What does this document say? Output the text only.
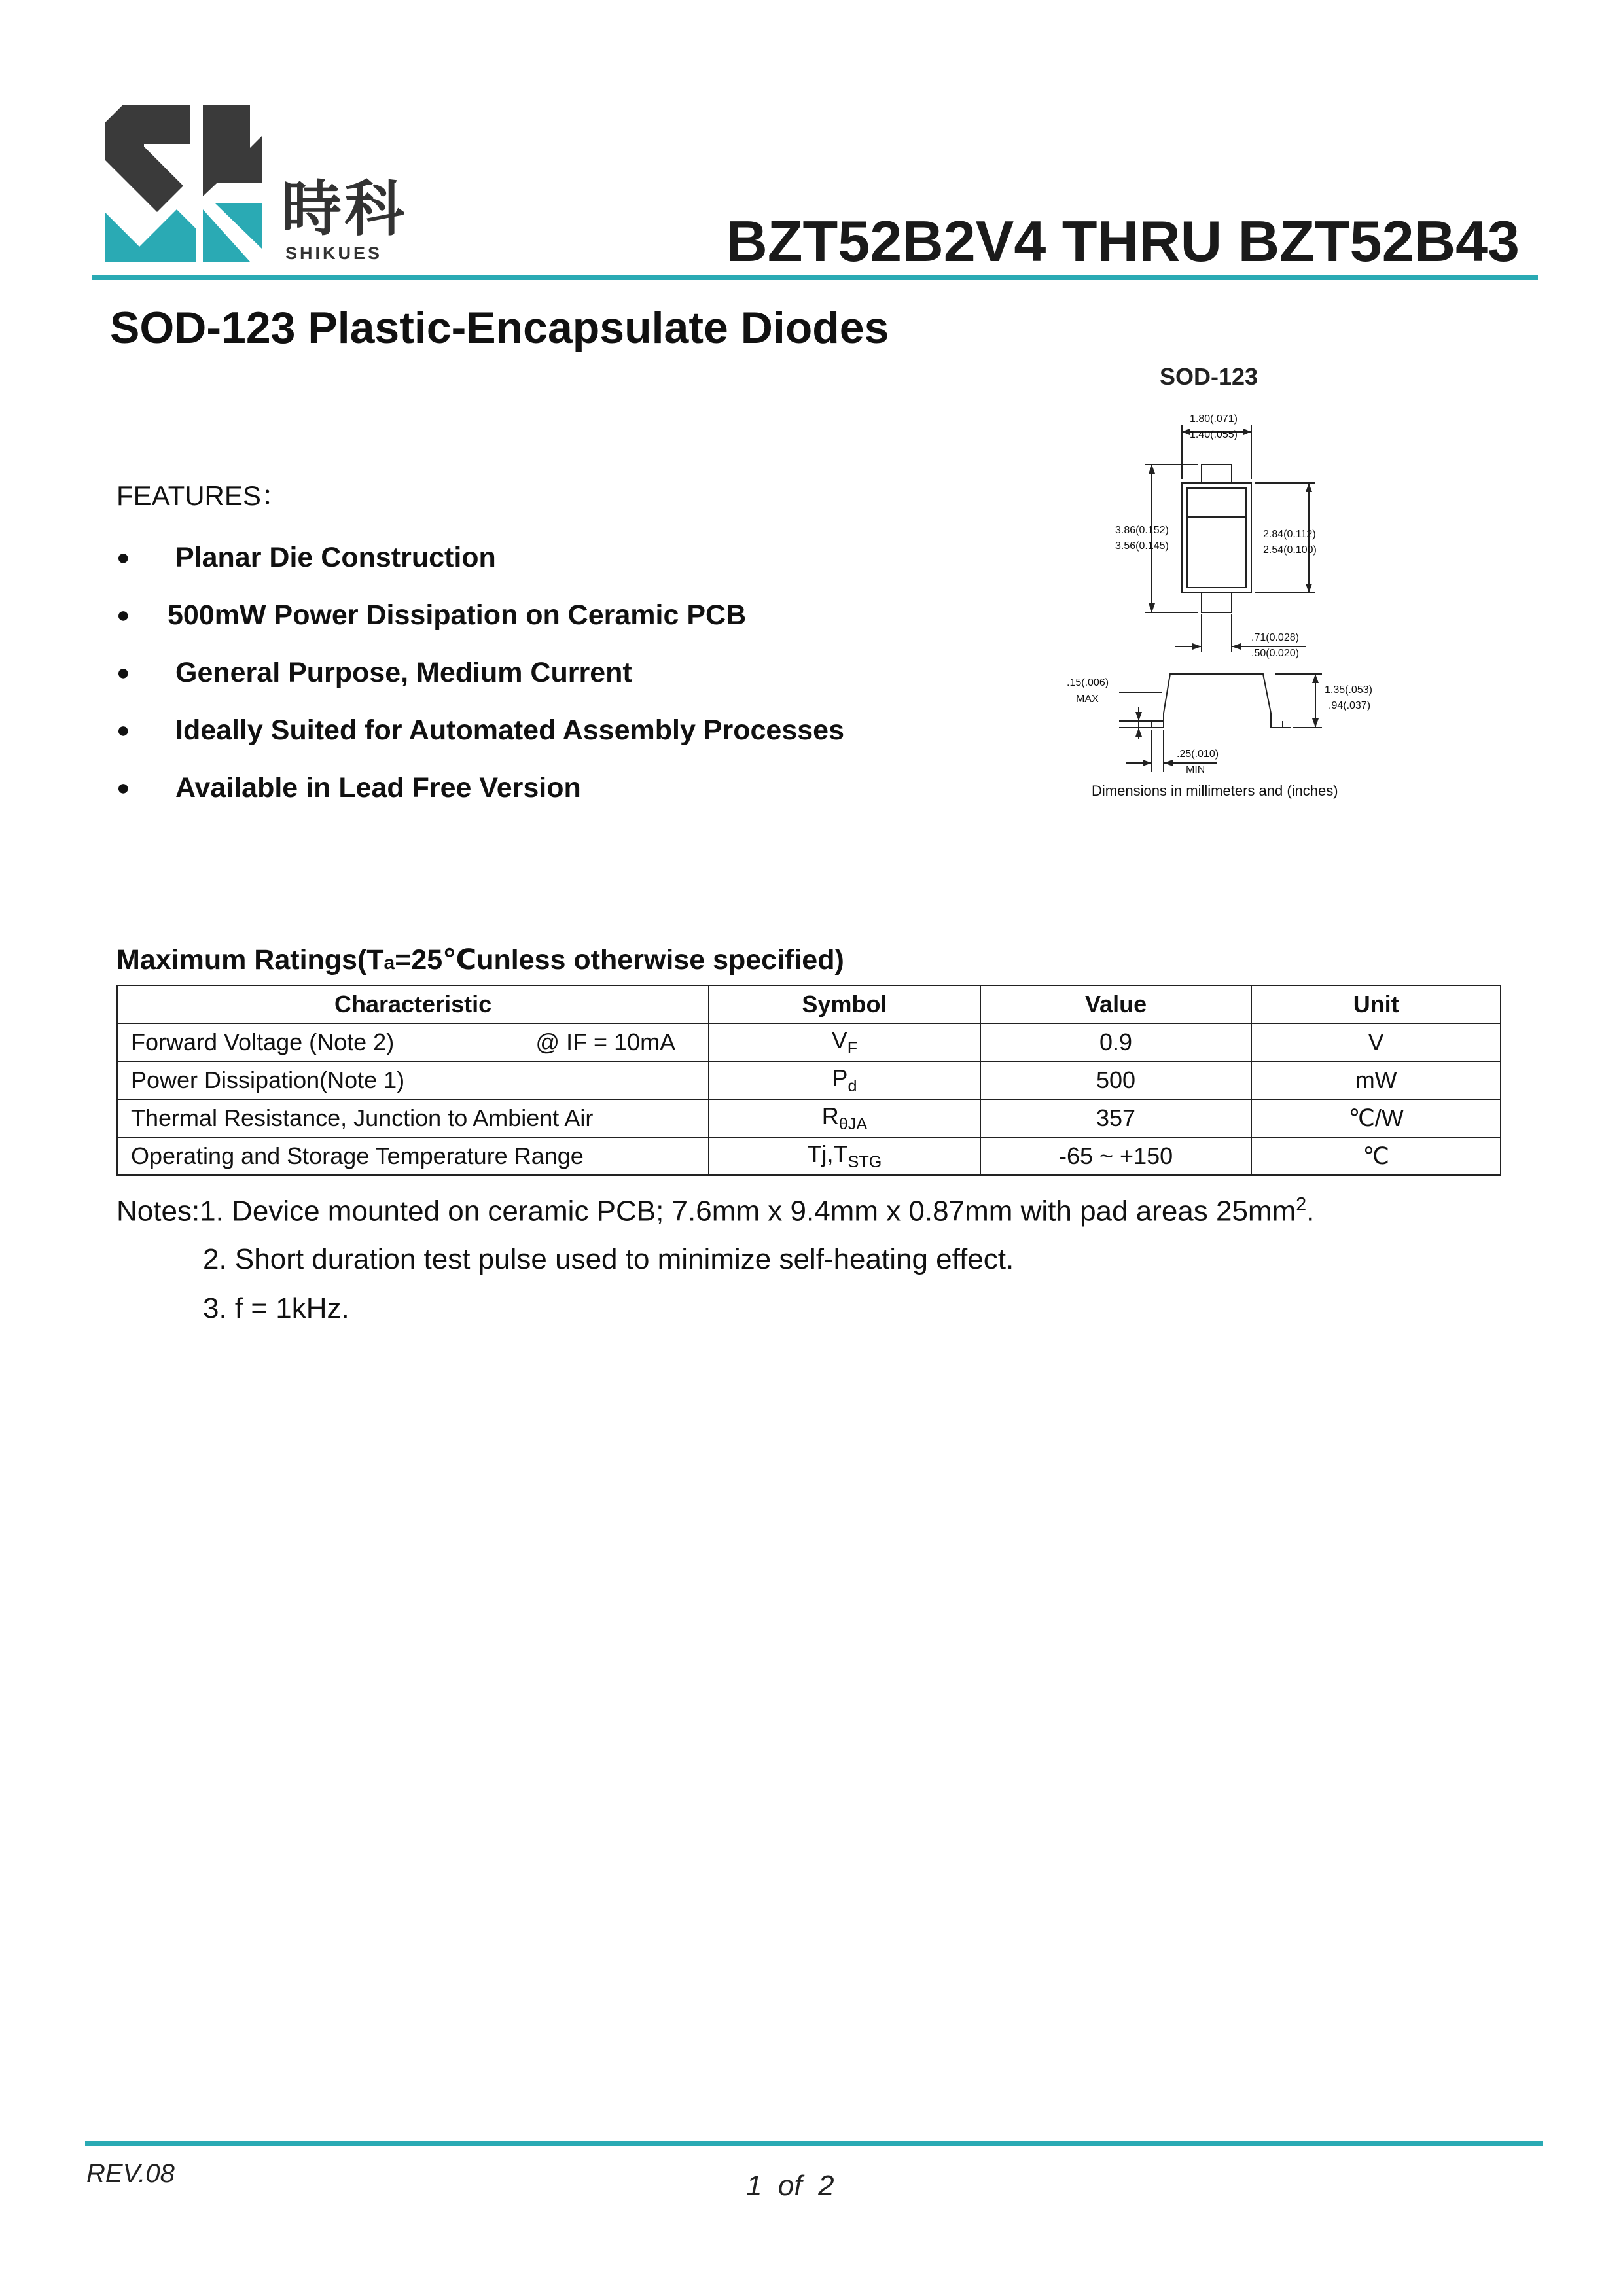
時科
SHIKUES	BZT52B2V4 THRU BZT52B43
SOD-123 Plastic-Encapsulate Diodes
FEATURES：
●	Planar Die Construction
●	500mW Power Dissipation on Ceramic PCB
●	General Purpose, Medium Current
●	Ideally Suited for Automated Assembly Processes
●	Available in Lead Free Version
SOD-123
1.80(.071)
1.40(.055)
3.86(0.152)
3.56(0.145)
2.84(0.112)
2.54(0.100)
.71(0.028)
.50(0.020)
.15(.006)
MAX
1.35(.053)
.94(.037)
.25(.010)
MIN
Dimensions in millimeters and (inches)
Maximum Ratings(Ta=25℃unless otherwise specified)
Characteristic	Symbol	Value	Unit
Forward Voltage (Note 2) @ IF = 10mA	$V_F$	0.9	V
Power Dissipation(Note 1)	$P_d$	500	mW
Thermal Resistance, Junction to Ambient Air	$R_{\theta JA}$	357	℃/W
Operating and Storage Temperature Range	$Tj,T_{STG}$	-65 ~ +150	℃
Notes:1. Device mounted on ceramic PCB; 7.6mm x 9.4mm x 0.87mm with pad areas $25mm^2$.
2. Short duration test pulse used to minimize self-heating effect.
3. f = 1kHz.
REV.08	1  of  2
